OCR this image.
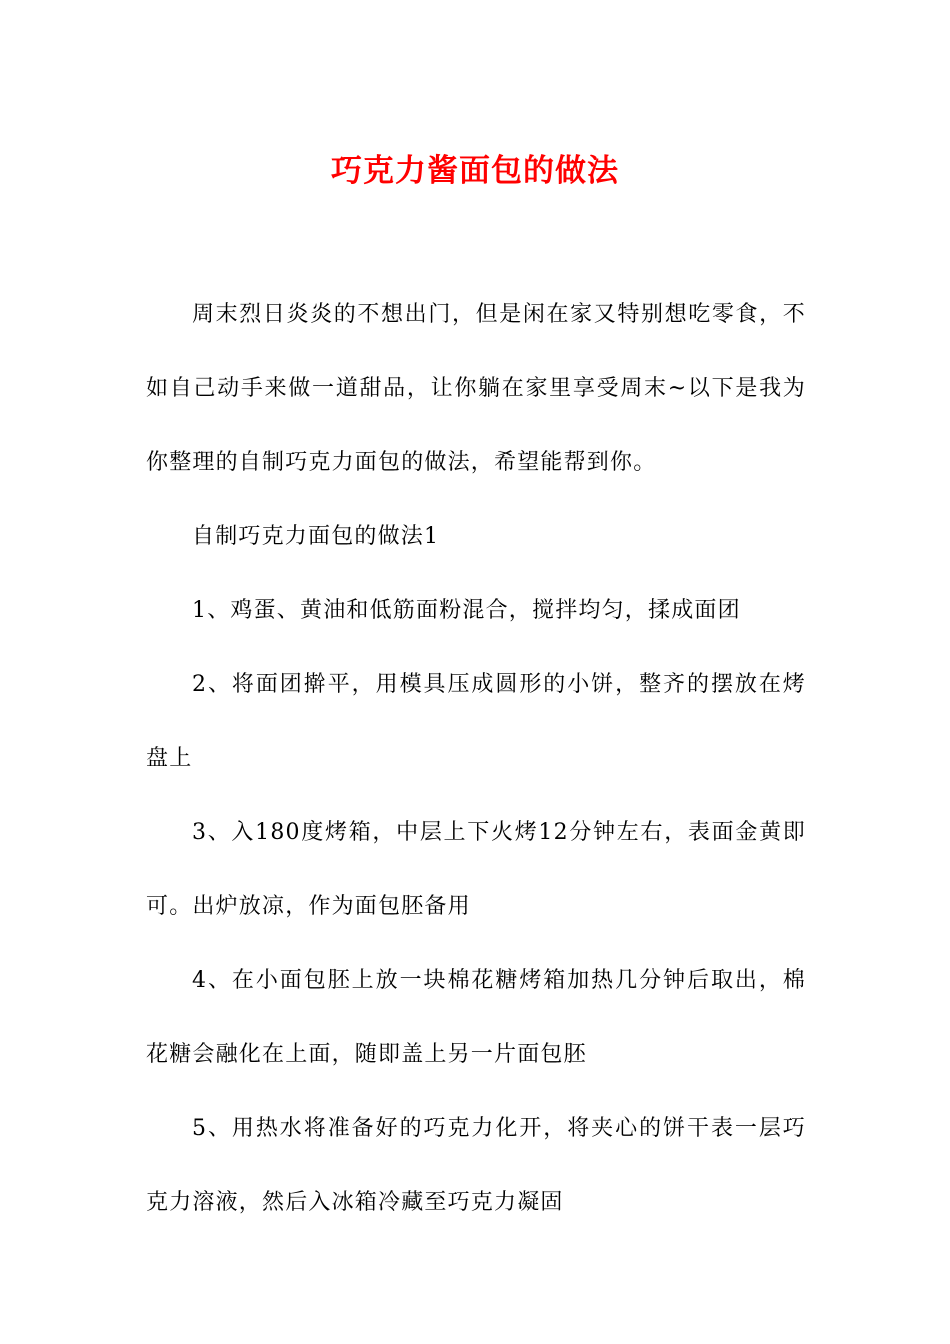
巧克力酱面包的做法

周末烈日炎炎的不想出门，但是闲在家又特别想吃零食，不如自己动手来做一道甜品，让你躺在家里享受周末~以下是我为你整理的自制巧克力面包的做法，希望能帮到你。

自制巧克力面包的做法1

1、鸡蛋、黄油和低筋面粉混合，搅拌均匀，揉成面团

2、将面团擀平，用模具压成圆形的小饼，整齐的摆放在烤盘上

3、入180度烤箱，中层上下火烤12分钟左右，表面金黄即可。出炉放凉，作为面包胚备用

4、在小面包胚上放一块棉花糖烤箱加热几分钟后取出，棉花糖会融化在上面，随即盖上另一片面包胚

5、用热水将准备好的巧克力化开，将夹心的饼干表一层巧克力溶液，然后入冰箱冷藏至巧克力凝固
